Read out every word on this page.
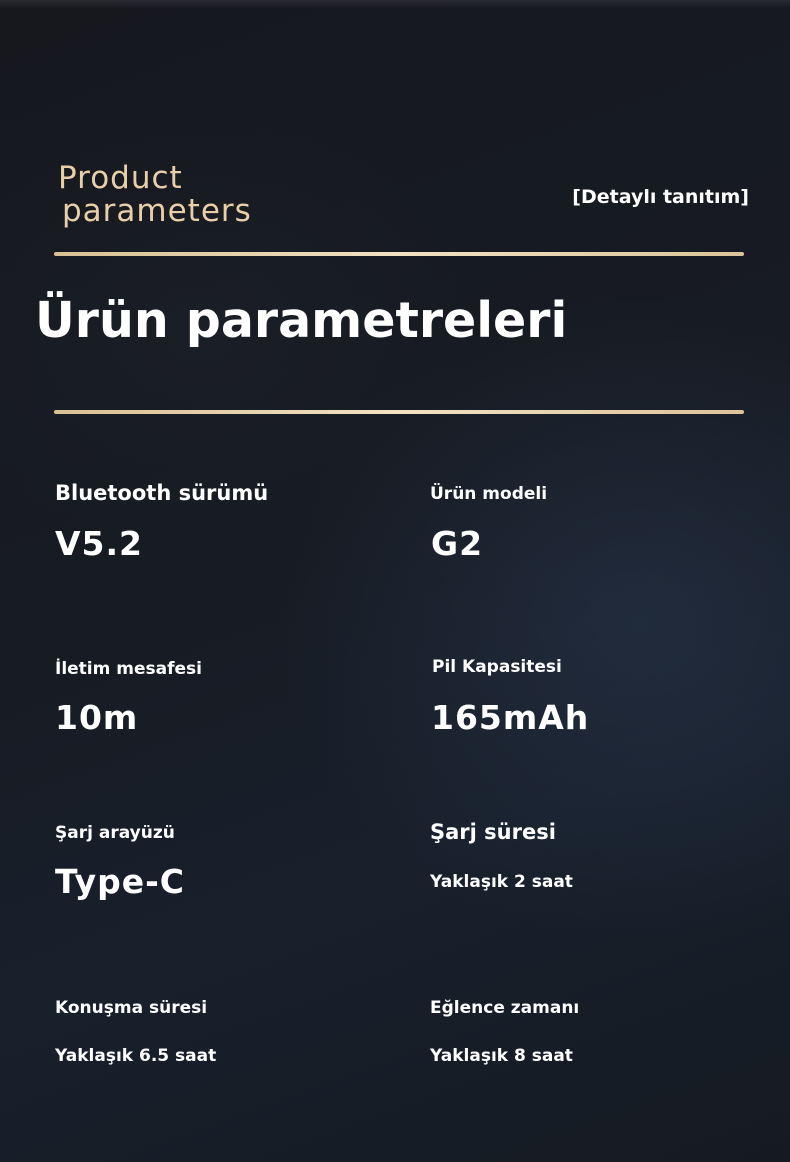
Product
parameters	[Detaylı tanıtım]
Ürün parametreleri
Bluetooth sürümü
V5.2
Ürün modeli
G2
İletim mesafesi
10m
Pil Kapasitesi
165mAh
Şarj arayüzü
Type-C
Şarj süresi
Yaklaşık 2 saat
Konuşma süresi
Yaklaşık 6.5 saat
Eğlence zamanı
Yaklaşık 8 saat
